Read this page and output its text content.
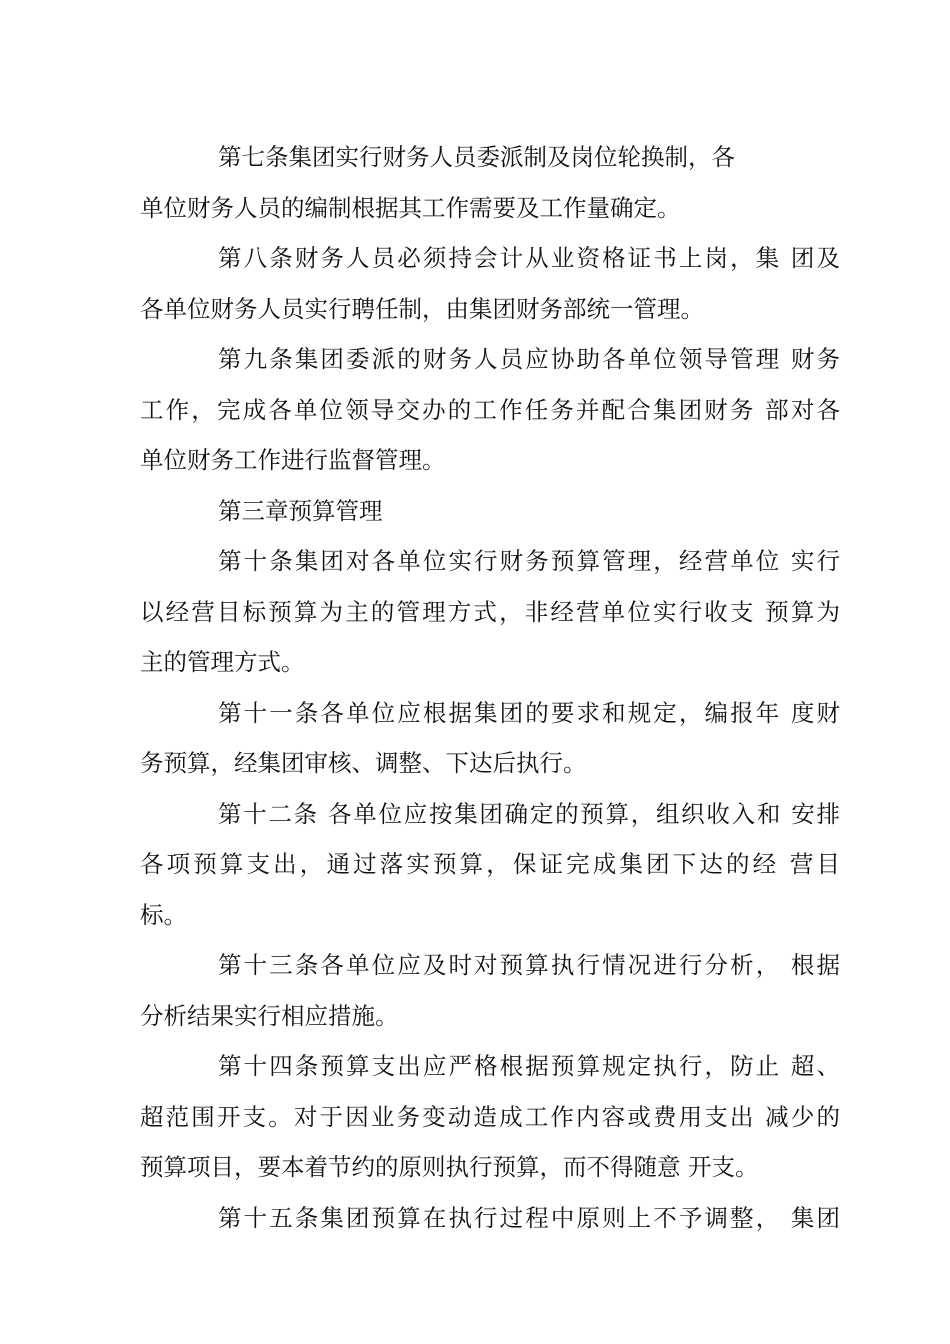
第七条集团实行财务人员委派制及岗位轮换制，各
单位财务人员的编制根据其工作需要及工作量确定。
第八条财务人员必须持会计从业资格证书上岗，集 团及
各单位财务人员实行聘任制，由集团财务部统一管理。
第九条集团委派的财务人员应协助各单位领导管理 财务
工作，完成各单位领导交办的工作任务并配合集团财务 部对各
单位财务工作进行监督管理。
第三章预算管理
第十条集团对各单位实行财务预算管理，经营单位 实行
以经营目标预算为主的管理方式，非经营单位实行收支 预算为
主的管理方式。
第十一条各单位应根据集团的要求和规定，编报年 度财
务预算，经集团审核、调整、下达后执行。
第十二条 各单位应按集团确定的预算，组织收入和 安排
各项预算支出，通过落实预算，保证完成集团下达的经 营目
标。
第十三条各单位应及时对预算执行情况进行分析， 根据
分析结果实行相应措施。
第十四条预算支出应严格根据预算规定执行，防止 超、
超范围开支。对于因业务变动造成工作内容或费用支出 减少的
预算项目，要本着节约的原则执行预算，而不得随意 开支。
第十五条集团预算在执行过程中原则上不予调整， 集团
